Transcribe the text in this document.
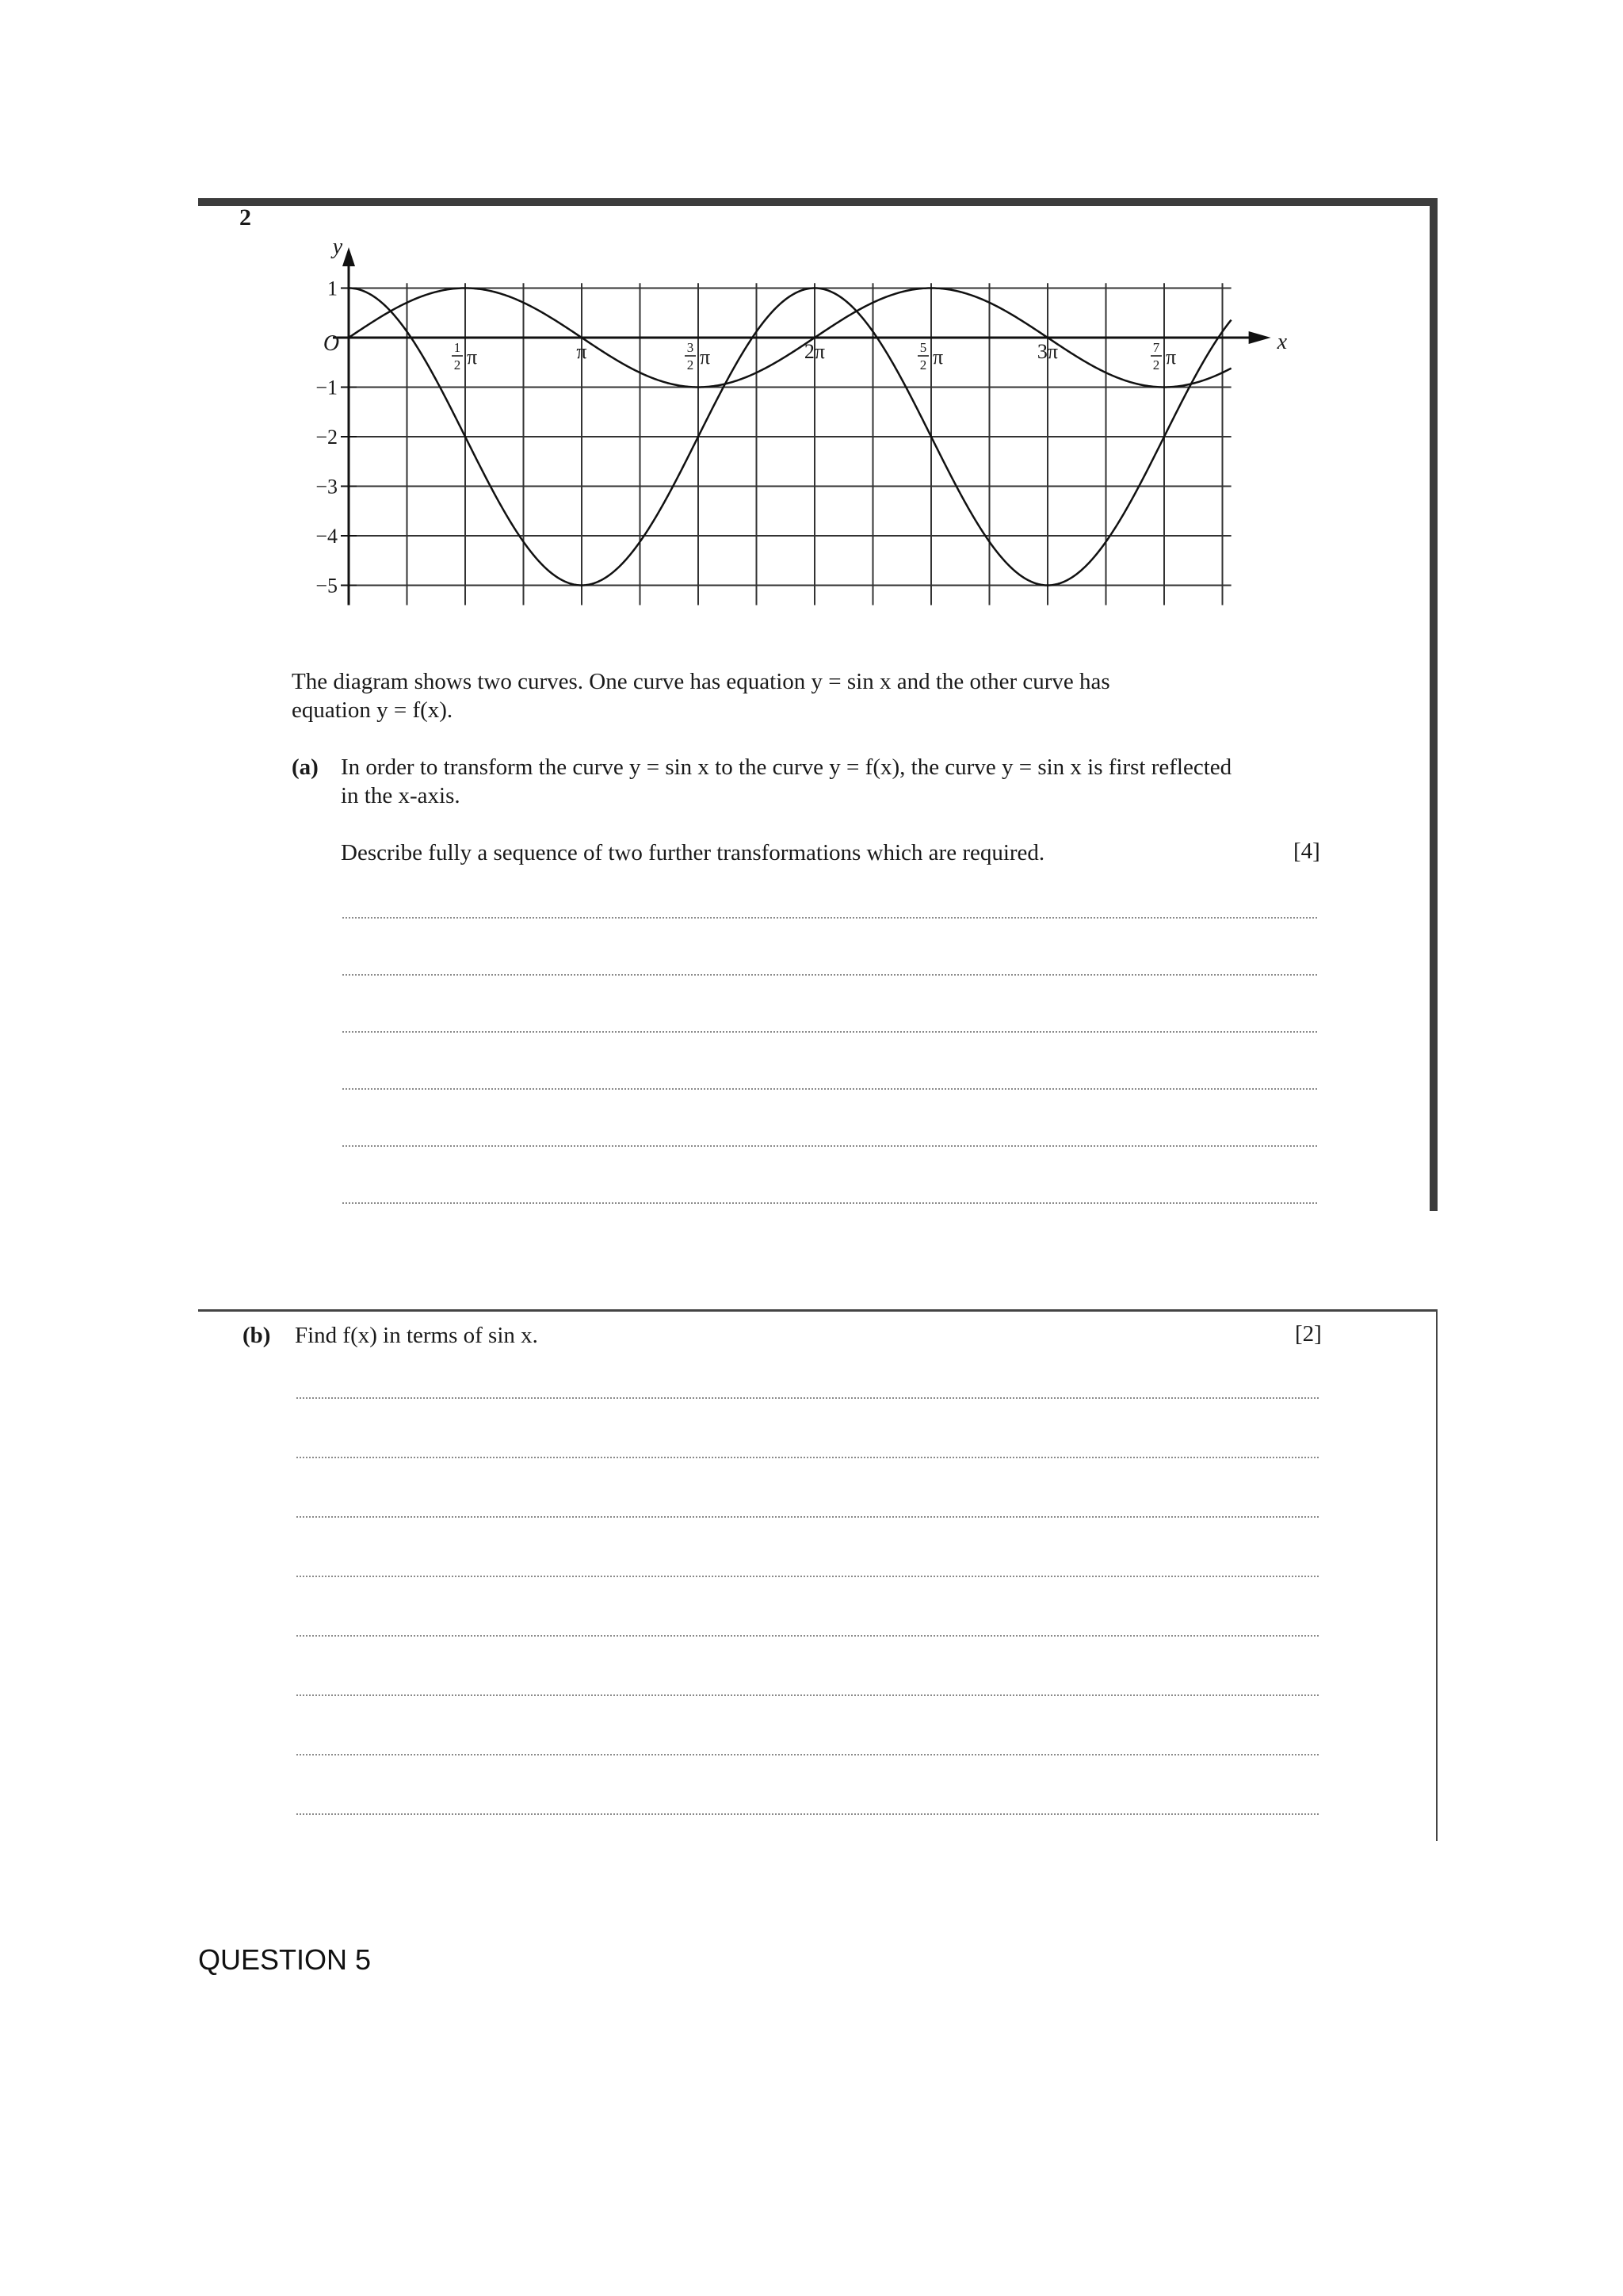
2
1
−1
−2
−3
−4
−5
y
x
O	1
2 π	π	3
2 π	2π	5
2 π	3π	7
2 π
The diagram shows two curves. One curve has equation y = sin x and the other curve has
equation y = f(x).
(a) In order to transform the curve y = sin x to the curve y = f(x), the curve y = sin x is first reflected
in the x-axis.
Describe fully a sequence of two further transformations which are required.	[4]
(b) Find f(x) in terms of sin x.	[2]
QUESTION 5
